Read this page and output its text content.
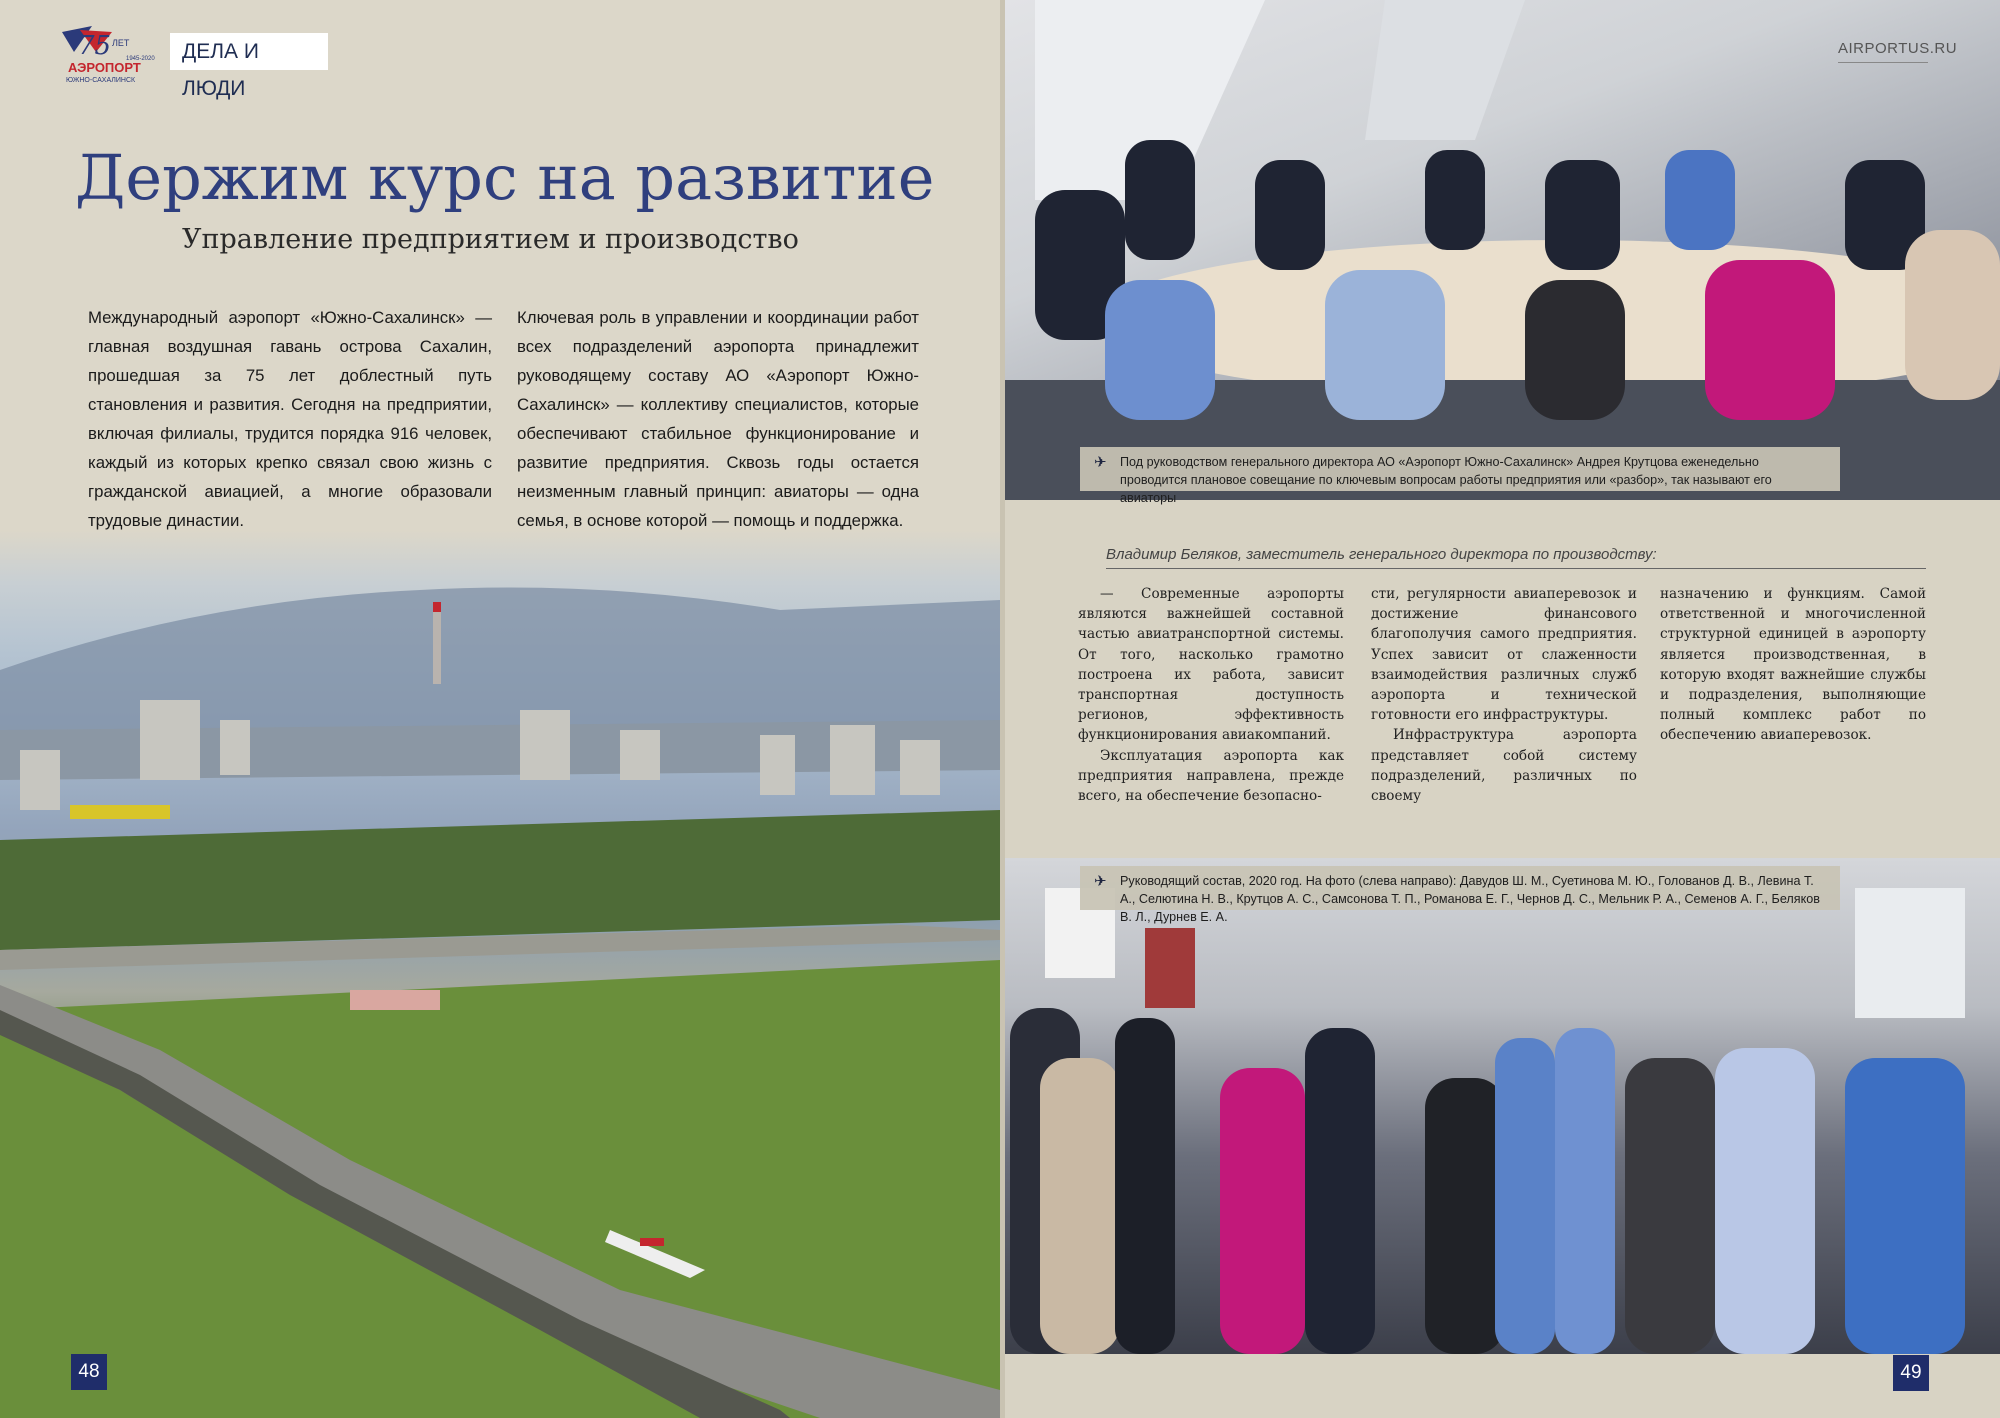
75 ЛЕТ
1945-2020
АЭРОПОРТ
ЮЖНО-САХАЛИНСК
ДЕЛА И ЛЮДИ
Держим курс на развитие
Управление предприятием и производство

Международный аэропорт «Южно-Сахалинск» — главная воздушная гавань острова Сахалин, прошедшая за 75 лет доблестный путь становления и развития. Сегодня на предприятии, включая филиалы, трудится порядка 916 человек, каждый из которых крепко связал свою жизнь с гражданской авиацией, а многие образовали трудовые династии.

Ключевая роль в управлении и координации работ всех подразделений аэропорта принадлежит руководящему составу АО «Аэропорт Южно-Сахалинск» — коллективу специалистов, которые обеспечивают стабильное функционирование и развитие предприятия. Сквозь годы остается неизменным главный принцип: авиаторы — одна семья, в основе которой — помощь и поддержка.

48
✈ Под руководством генерального директора АО «Аэропорт Южно-Сахалинск» Андрея Крутцова еженедельно проводится плановое совещание по ключевым вопросам работы предприятия или «разбор», так называют его авиаторы
AIRPORTUS.RU
Владимир Беляков, заместитель генерального директора по производству:

— Современные аэропорты являются важнейшей составной частью авиатранспортной системы. От того, насколько грамотно построена их работа, зависит транспортная доступность регионов, эффективность функционирования авиакомпаний.

Эксплуатация аэропорта как предприятия направлена, прежде всего, на обеспечение безопасно-

сти, регулярности авиаперевозок и достижение финансового благополучия самого предприятия. Успех зависит от слаженности взаимодействия различных служб аэропорта и технической готовности его инфраструктуры.

Инфраструктура аэропорта представляет собой систему подразделений, различных по своему

назначению и функциям. Самой ответственной и многочисленной структурной единицей в аэропорту является производственная, в которую входят важнейшие службы и подразделения, выполняющие полный комплекс работ по обеспечению авиаперевозок.

✈ Руководящий состав, 2020 год. На фото (слева направо): Давудов Ш. М., Суетинова М. Ю., Голованов Д. В., Левина Т. А., Селютина Н. В., Крутцов А. С., Самсонова Т. П., Романова Е. Г., Чернов Д. С., Мельник Р. А., Семенов А. Г., Беляков В. Л., Дурнев Е. А.
49
